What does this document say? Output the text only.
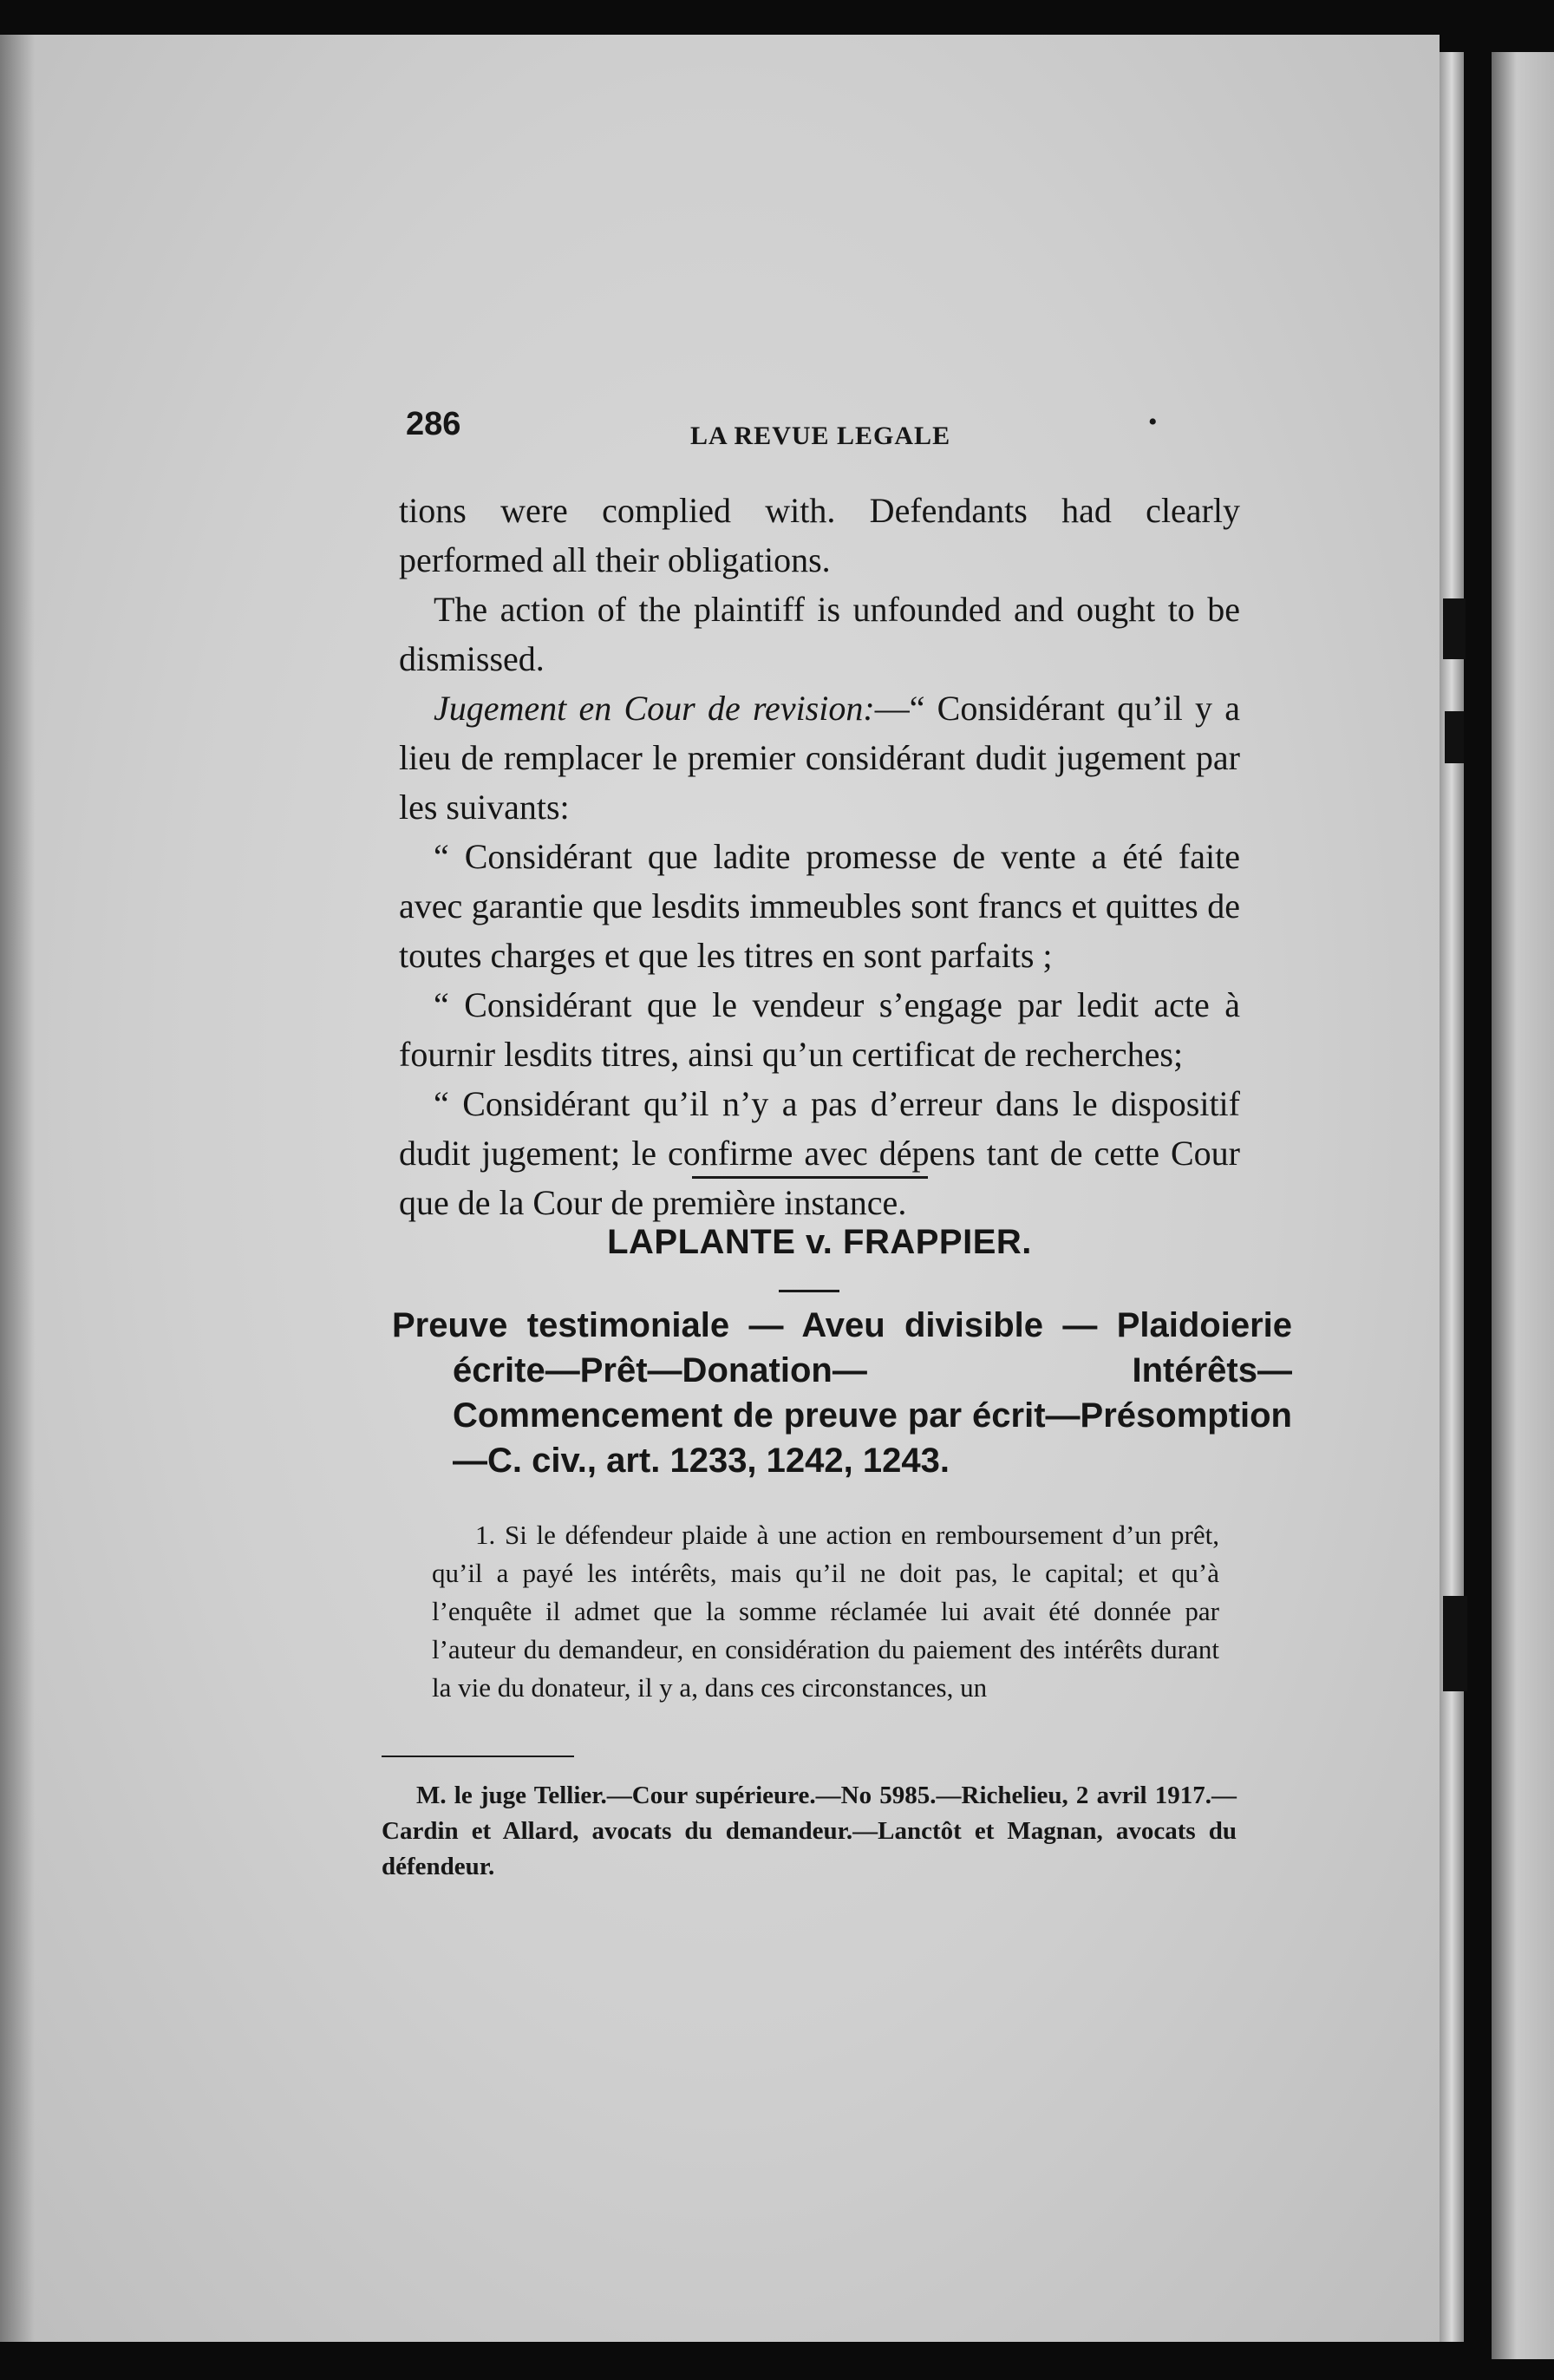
286	LA REVUE LEGALE	•

tions were complied with. Defendants had clearly performed all their obligations.

The action of the plaintiff is unfounded and ought to be dismissed.

Jugement en Cour de revision:—“ Considérant qu’il y a lieu de remplacer le premier considérant dudit jugement par les suivants:

“ Considérant que ladite promesse de vente a été faite avec garantie que lesdits immeubles sont francs et quittes de toutes charges et que les titres en sont parfaits ;

“ Considérant que le vendeur s’engage par ledit acte à fournir lesdits titres, ainsi qu’un certificat de recherches;

“ Considérant qu’il n’y a pas d’erreur dans le dispositif dudit jugement; le confirme avec dépens tant de cette Cour que de la Cour de première instance.

LAPLANTE v. FRAPPIER.
Preuve testimoniale — Aveu divisible — Plaidoierie écrite—Prêt—Donation— Intérêts— Commencement de preuve par écrit—Présomption—C. civ., art. 1233, 1242, 1243.
1. Si le défendeur plaide à une action en remboursement d’un prêt, qu’il a payé les intérêts, mais qu’il ne doit pas, le capital; et qu’à l’enquête il admet que la somme réclamée lui avait été donnée par l’auteur du demandeur, en considération du paiement des intérêts durant la vie du donateur, il y a, dans ces circonstances, un
M. le juge Tellier.—Cour supérieure.—No 5985.—Richelieu, 2 avril 1917.—Cardin et Allard, avocats du demandeur.—Lanctôt et Magnan, avocats du défendeur.
